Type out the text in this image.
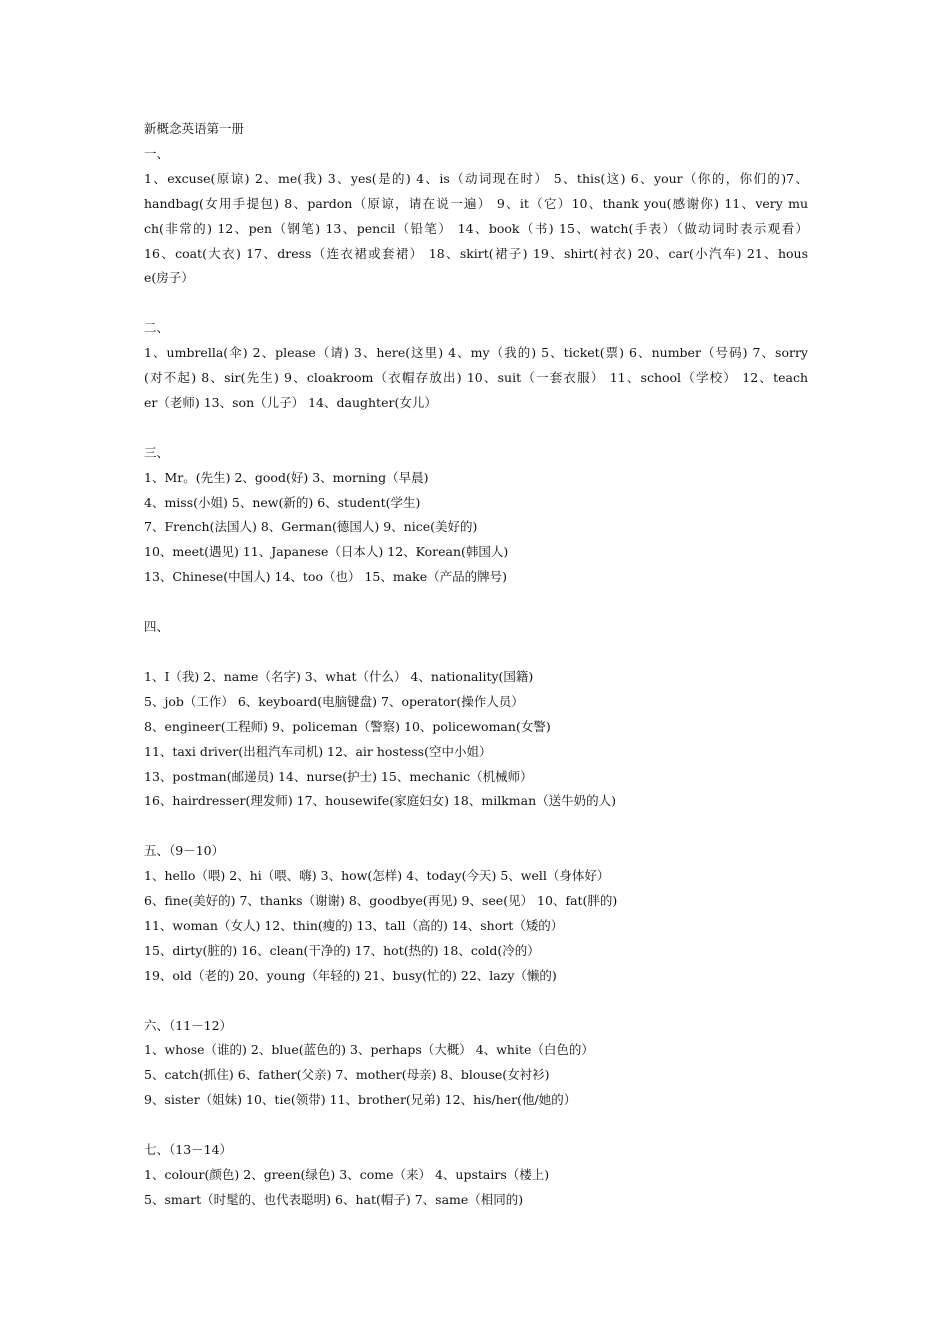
新概念英语第一册
一、
1、excuse(原谅) 2、me(我) 3、yes(是的) 4、is（动词现在时） 5、this(这) 6、your（你的，你们的)7、
handbag(女用手提包) 8、pardon（原谅，请在说一遍） 9、it（它）10、thank you(感谢你) 11、very mu
ch(非常的) 12、pen（钢笔) 13、pencil（铅笔） 14、book（书) 15、watch(手表）（做动词时表示观看）
16、coat(大衣) 17、dress（连衣裙或套裙） 18、skirt(裙子) 19、shirt(衬衣) 20、car(小汽车) 21、hous
e(房子）
二、
1、umbrella(伞) 2、please（请) 3、here(这里) 4、my（我的) 5、ticket(票) 6、number（号码) 7、sorry
(对不起) 8、sir(先生) 9、cloakroom（衣帽存放出) 10、suit（一套衣服） 11、school（学校） 12、teach
er（老师) 13、son（儿子） 14、daughter(女儿）
三、
1、Mr。(先生) 2、good(好) 3、morning（早晨)
4、miss(小姐) 5、new(新的) 6、student(学生)
7、French(法国人) 8、German(德国人) 9、nice(美好的)
10、meet(遇见) 11、Japanese（日本人) 12、Korean(韩国人)
13、Chinese(中国人) 14、too（也） 15、make（产品的牌号)
四、
1、I（我) 2、name（名字) 3、what（什么） 4、nationality(国籍)
5、job（工作） 6、keyboard(电脑键盘) 7、operator(操作人员）
8、engineer(工程师) 9、policeman（警察) 10、policewoman(女警)
11、taxi driver(出租汽车司机) 12、air hostess(空中小姐）
13、postman(邮递员) 14、nurse(护士) 15、mechanic（机械师）
16、hairdresser(理发师) 17、housewife(家庭妇女) 18、milkman（送牛奶的人)
五、（9－10）
1、hello（喂) 2、hi（喂、嗨) 3、how(怎样) 4、today(今天) 5、well（身体好）
6、fine(美好的) 7、thanks（谢谢) 8、goodbye(再见) 9、see(见） 10、fat(胖的)
11、woman（女人) 12、thin(瘦的) 13、tall（高的) 14、short（矮的）
15、dirty(脏的) 16、clean(干净的) 17、hot(热的) 18、cold(冷的）
19、old（老的) 20、young（年轻的) 21、busy(忙的) 22、lazy（懒的)
六、（11－12）
1、whose（谁的) 2、blue(蓝色的) 3、perhaps（大概） 4、white（白色的）
5、catch(抓住) 6、father(父亲) 7、mother(母亲) 8、blouse(女衬衫)
9、sister（姐妹) 10、tie(领带) 11、brother(兄弟) 12、his/her(他/她的）
七、（13－14）
1、colour(颜色) 2、green(绿色) 3、come（来） 4、upstairs（楼上)
5、smart（时髦的、也代表聪明) 6、hat(帽子) 7、same（相同的)
